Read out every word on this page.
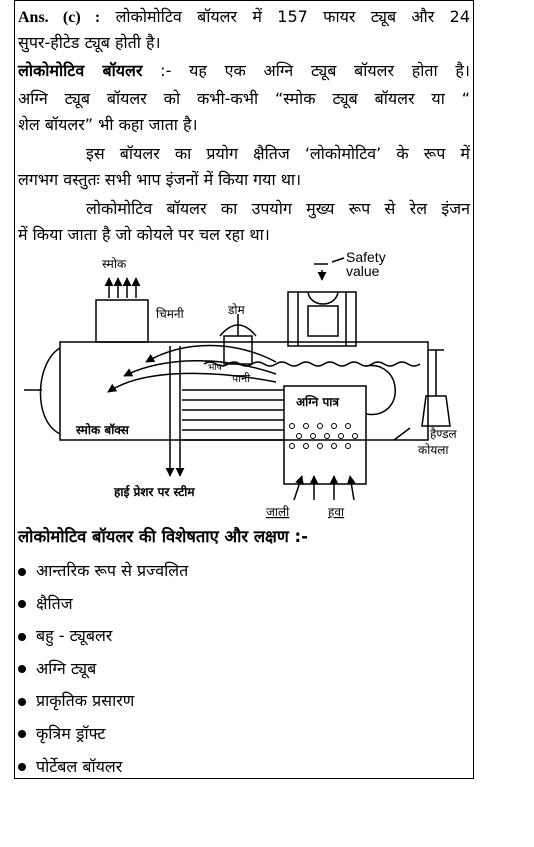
Ans. (c) : लोकोमोटिव बॉयलर में 157 फायर ट्यूब और 24
सुपर-हीटेड ट्यूब होती है।
लोकोमोटिव बॉयलर :- यह एक अग्नि ट्यूब बॉयलर होता है।
अग्नि ट्यूब बॉयलर को कभी-कभी “स्मोक ट्यूब बॉयलर या “
शेल बॉयलर” भी कहा जाता है।
इस बॉयलर का प्रयोग क्षैतिज ‘लोकोमोटिव’ के रूप में
लगभग वस्तुतः सभी भाप इंजनों में किया गया था।
लोकोमोटिव बॉयलर का उपयोग मुख्य रूप से रेल इंजन
में किया जाता है जो कोयले पर चल रहा था।
स्मोक
चिमनी	डोम
Safety
value
भाप
पानी
अग्नि पात्र
स्मोक बॉक्स	हैण्डल
कोयला
हाई प्रेशर पर स्टीम
जाली	हवा
लोकोमोटिव बॉयलर की विशेषताए और लक्षण :-
आन्तरिक रूप से प्रज्वलित
क्षैतिज
बहु - ट्यूबलर
अग्नि ट्यूब
प्राकृतिक प्रसारण
कृत्रिम ड्रॉफ्ट
पोर्टेबल बॉयलर
